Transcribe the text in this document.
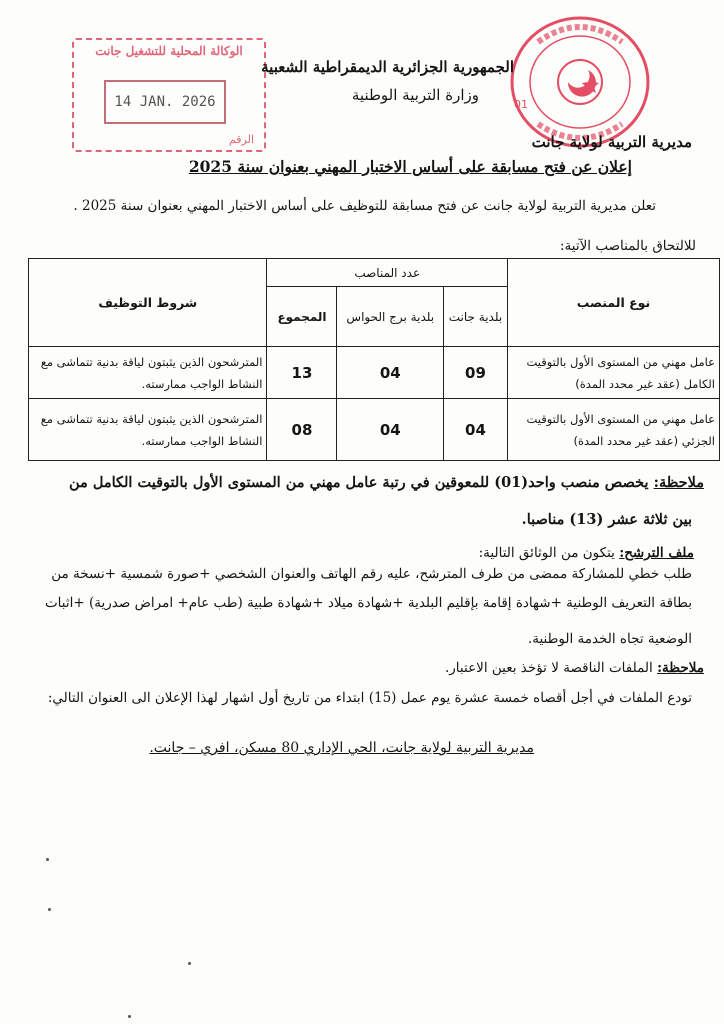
الوكالة المحلية للتشغيل جانت
14 JAN. 2026
الرقم
01
الجمهورية الجزائرية الديمقراطية الشعبية
وزارة التربية الوطنية
مديرية التربية لولاية جانت
إعلان عن فتح مسابقة على أساس الاختبار المهني بعنوان سنة 2025
تعلن مديرية التربية لولاية جانت عن فتح مسابقة للتوظيف على أساس الاختبار المهني بعنوان سنة 2025 .
للالتحاق بالمناصب الآتية:
نوع المنصب	عدد المناصب			شروط التوظيف
	بلدية جانت	بلدية برج الحواس	المجموع	
عامل مهني من المستوى الأول بالتوقيت الكامل (عقد غير محدد المدة)	09	04	13	المترشحون الذين يثبتون لياقة بدنية تتماشى مع النشاط الواجب ممارسته.
عامل مهني من المستوى الأول بالتوقيت الجزئي (عقد غير محدد المدة)	04	04	08	المترشحون الذين يثبتون لياقة بدنية تتماشى مع النشاط الواجب ممارسته.
ملاحظة: يخصص منصب واحد(01) للمعوقين في رتبة عامل مهني من المستوى الأول بالتوقيت الكامل من
بين ثلاثة عشر (13) مناصبا.
ملف الترشح: يتكون من الوثائق التالية:
طلب خطي للمشاركة ممضى من طرف المترشح، عليه رقم الهاتف والعنوان الشخصي +صورة شمسية +نسخة من
بطاقة التعريف الوطنية +شهادة إقامة بإقليم البلدية +شهادة ميلاد +شهادة طبية (طب عام+ امراض صدرية) +اثبات
الوضعية تجاه الخدمة الوطنية.
ملاحظة: الملفات الناقصة لا تؤخذ بعين الاعتبار.
تودع الملفات في أجل أقصاه خمسة عشرة يوم عمل (15) ابتداء من تاريخ أول اشهار لهذا الإعلان الى العنوان التالي:
مديرية التربية لولاية جانت، الحي الإداري 80 مسكن، افري – جانت.
